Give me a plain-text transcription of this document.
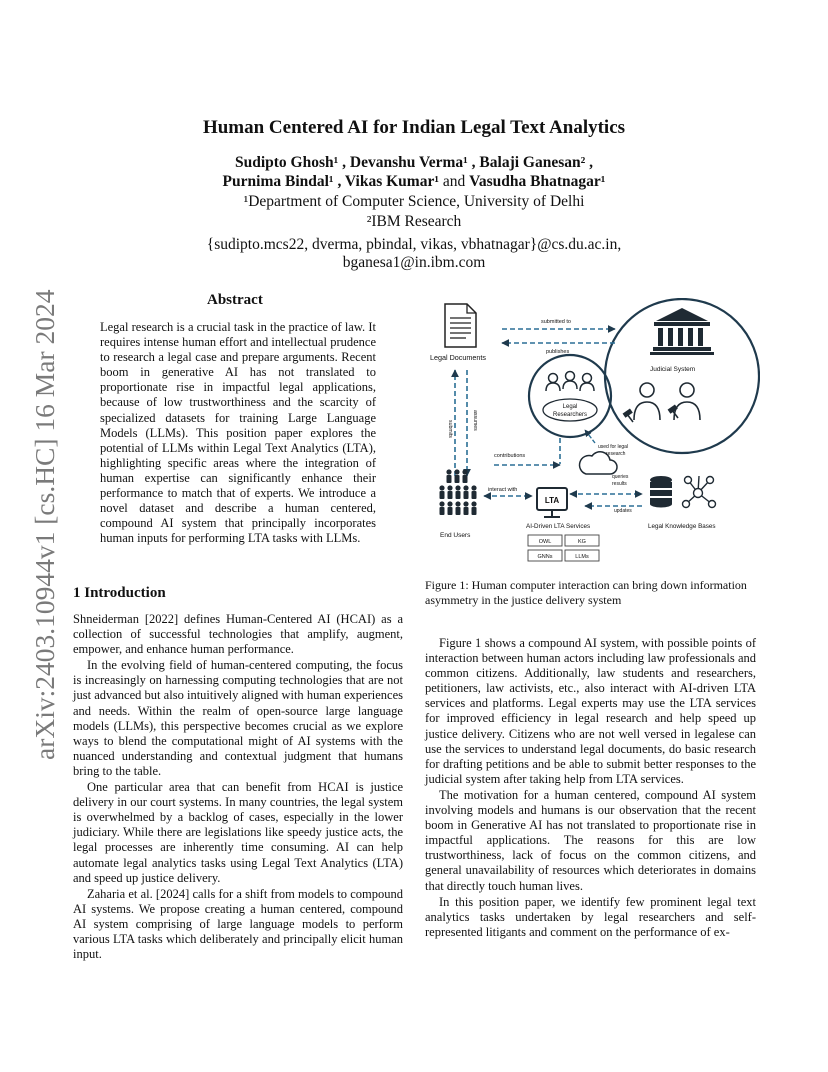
arXiv:2403.10944v1 [cs.HC] 16 Mar 2024
Human Centered AI for Indian Legal Text Analytics
Sudipto Ghosh¹ , Devanshu Verma¹ , Balaji Ganesan² ,
Purnima Bindal¹ , Vikas Kumar¹ and Vasudha Bhatnagar¹
¹Department of Computer Science, University of Delhi
²IBM Research
{sudipto.mcs22, dverma, pbindal, vikas, vbhatnagar}@cs.du.ac.in,
bganesa1@in.ibm.com
Abstract
Legal research is a crucial task in the practice of law. It requires intense human effort and intellectual prudence to research a legal case and prepare arguments. Recent boom in generative AI has not translated to proportionate rise in impactful legal applications, because of low trustworthiness and the scarcity of specialized datasets for training Large Language Models (LLMs). This position paper explores the potential of LLMs within Legal Text Analytics (LTA), highlighting specific areas where the integration of human expertise can significantly enhance their performance to match that of experts. We introduce a novel dataset and describe a human centered, compound AI system that principally incorporates human inputs for performing LTA tasks with LLMs.
1 Introduction

Shneiderman [2022] defines Human-Centered AI (HCAI) as a collection of successful technologies that amplify, augment, empower, and enhance human performance.

In the evolving field of human-centered computing, the focus is increasingly on harnessing computing technologies that are not just advanced but also intuitively aligned with human experiences and needs. Within the realm of open-source large language models (LLMs), this perspective becomes crucial as we explore ways to blend the computational might of AI systems with the nuanced understanding and contextual judgment that humans bring to the table.

One particular area that can benefit from HCAI is justice delivery in our court systems. In many countries, the legal system is overwhelmed by a backlog of cases, especially in the lower judiciary. While there are legislations like speedy justice acts, the legal processes are inherently time consuming. AI can help automate legal analytics tasks using Legal Text Analytics (LTA) and speed up justice delivery.

Zaharia et al. [2024] calls for a shift from models to compound AI systems. We propose creating a human centered, compound AI system comprising of large language models to perform various LTA tasks which deliberately and principally elicit human input.

Legal Documents
submitted to
publishes
Judicial System
Legal
Researchers
submits	assumes
contributions
used for legal
research
End Users
interact with
LTA
AI-Driven LTA Services
OWL	KG
GNNs	LLMs
queries
results
updates
Legal Knowledge Bases
Figure 1: Human computer interaction can bring down information asymmetry in the justice delivery system

Figure 1 shows a compound AI system, with possible points of interaction between human actors including law professionals and common citizens. Additionally, law students and researchers, petitioners, law activists, etc., also interact with AI-driven LTA services and platforms. Legal experts may use the LTA services for improved efficiency in legal research and help speed up justice delivery. Citizens who are not well versed in legalese can use the services to understand legal documents, do basic research for drafting petitions and be able to submit better responses to the judicial system after taking help from LTA services.

The motivation for a human centered, compound AI system involving models and humans is our observation that the recent boom in Generative AI has not translated to proportionate rise in impactful applications. The reasons for this are low trustworthiness, lack of focus on the common citizens, and general unavailability of resources which deteriorates in domains that directly touch human lives.

In this position paper, we identify few prominent legal text analytics tasks undertaken by legal researchers and self-represented litigants and comment on the performance of ex-
